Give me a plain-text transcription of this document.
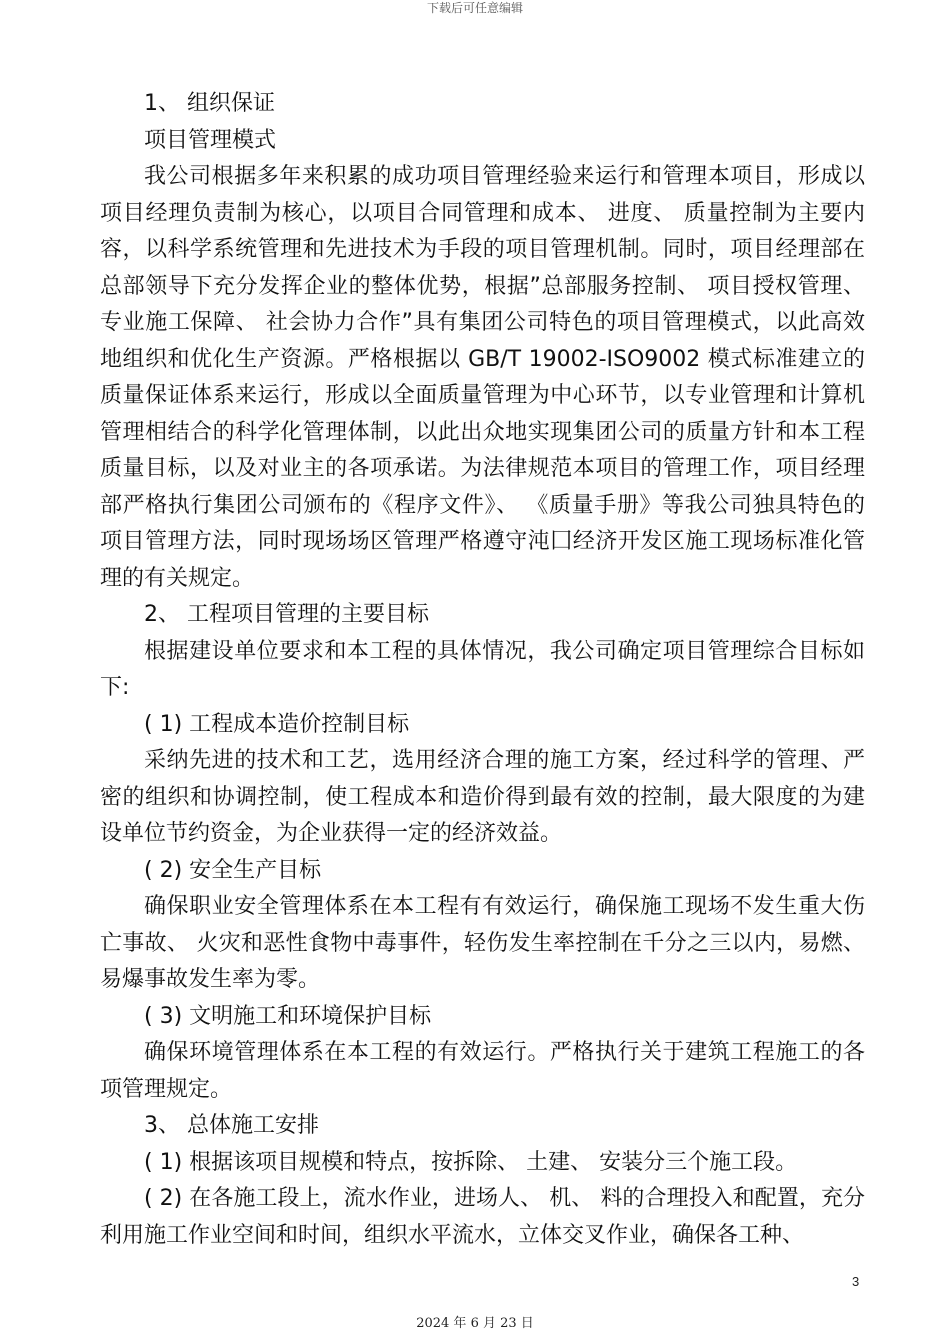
下载后可任意编辑

1、 组织保证

项目管理模式

我公司根据多年来积累的成功项目管理经验来运行和管理本项目，形成以项目经理负责制为核心，以项目合同管理和成本、 进度、 质量控制为主要内容，以科学系统管理和先进技术为手段的项目管理机制。同时，项目经理部在总部领导下充分发挥企业的整体优势，根据”总部服务控制、 项目授权管理、 专业施工保障、 社会协力合作”具有集团公司特色的项目管理模式，以此高效地组织和优化生产资源。严格根据以 GB/T 19002-ISO9002 模式标准建立的质量保证体系来运行，形成以全面质量管理为中心环节，以专业管理和计算机管理相结合的科学化管理体制，以此出众地实现集团公司的质量方针和本工程质量目标，以及对业主的各项承诺。为法律规范本项目的管理工作，项目经理部严格执行集团公司颁布的《程序文件》、 《质量手册》等我公司独具特色的项目管理方法，同时现场场区管理严格遵守沌囗经济开发区施工现场标准化管理的有关规定。

2、 工程项目管理的主要目标

根据建设单位要求和本工程的具体情况，我公司确定项目管理综合目标如下:

( 1) 工程成本造价控制目标

采纳先进的技术和工艺，选用经济合理的施工方案，经过科学的管理、严密的组织和协调控制，使工程成本和造价得到最有效的控制，最大限度的为建设单位节约资金，为企业获得一定的经济效益。

( 2) 安全生产目标

确保职业安全管理体系在本工程有有效运行，确保施工现场不发生重大伤亡事故、 火灾和恶性食物中毒事件，轻伤发生率控制在千分之三以内，易燃、 易爆事故发生率为零。

( 3) 文明施工和环境保护目标

确保环境管理体系在本工程的有效运行。严格执行关于建筑工程施工的各项管理规定。

3、 总体施工安排

( 1) 根据该项目规模和特点，按拆除、 土建、 安装分三个施工段。

( 2) 在各施工段上，流水作业，进场人、 机、 料的合理投入和配置，充分利用施工作业空间和时间，组织水平流水，立体交叉作业，确保各工种、

3
2024 年 6 月 23 日
